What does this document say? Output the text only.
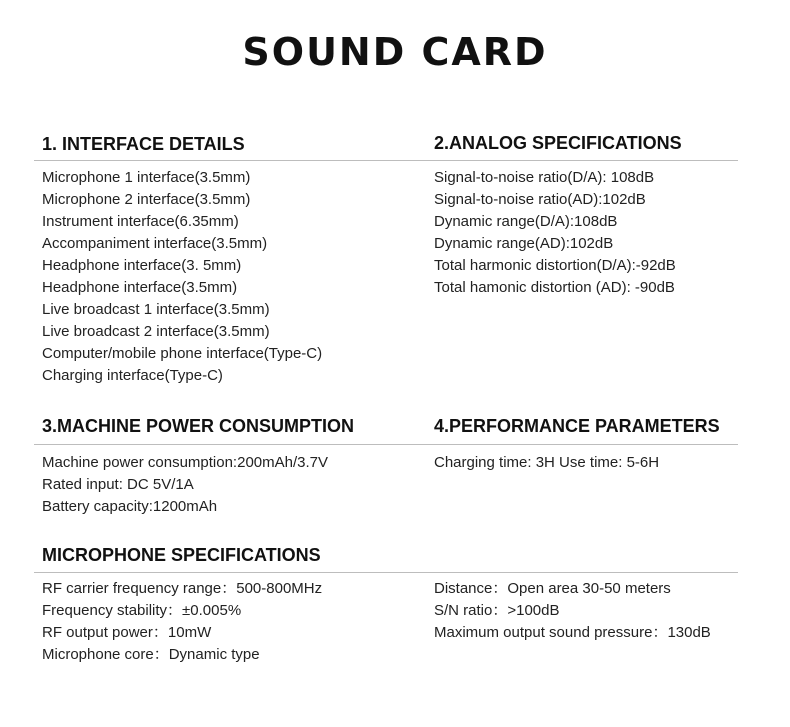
SOUND CARD
1. INTERFACE DETAILS	2.ANALOG SPECIFICATIONS
Microphone 1 interface(3.5mm)
Microphone 2 interface(3.5mm)
Instrument interface(6.35mm)
Accompaniment interface(3.5mm)
Headphone interface(3. 5mm)
Headphone interface(3.5mm)
Live broadcast 1 interface(3.5mm)
Live broadcast 2 interface(3.5mm)
Computer/mobile phone interface(Type-C)
Charging interface(Type-C)
Signal-to-noise ratio(D/A): 108dB
Signal-to-noise ratio(AD):102dB
Dynamic range(D/A):108dB
Dynamic range(AD):102dB
Total harmonic distortion(D/A):-92dB
Total hamonic distortion (AD): -90dB
3.MACHINE POWER CONSUMPTION	4.PERFORMANCE PARAMETERS
Machine power consumption:200mAh/3.7V
Rated input: DC 5V/1A
Battery capacity:1200mAh
Charging time: 3H Use time: 5-6H
MICROPHONE SPECIFICATIONS
RF carrier frequency range：500-800MHz
Frequency stability：±0.005%
RF output power：10mW
Microphone core：Dynamic type
Distance：Open area 30-50 meters
S/N ratio：>100dB
Maximum output sound pressure：130dB
